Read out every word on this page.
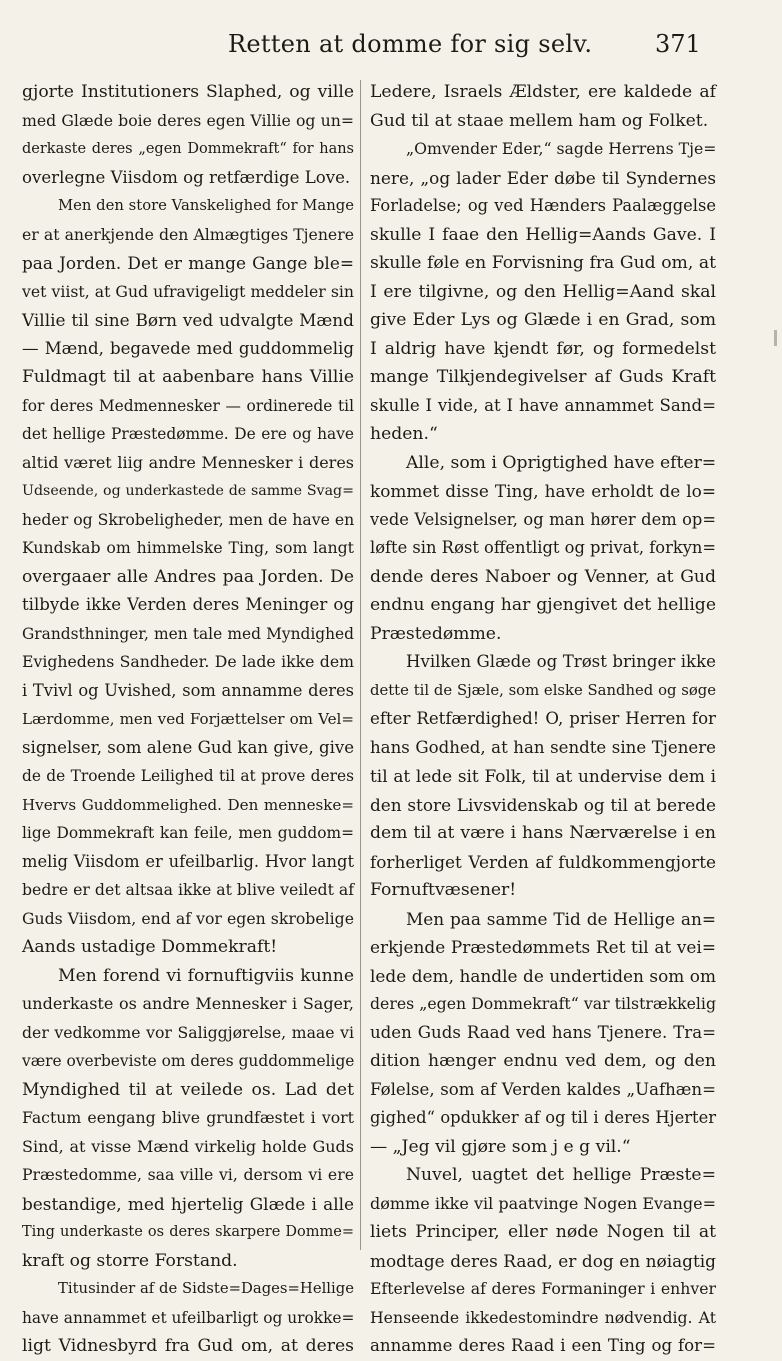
Retten at domme for sig selv.	371
gjorte Institutioners Slaphed, og ville
med Glæde boie deres egen Villie og un=
derkaste deres „egen Dommekraft“ for hans
overlegne Viisdom og retfærdige Love.
Men den store Vanskelighed for Mange
er at anerkjende den Almægtiges Tjenere
paa Jorden. Det er mange Gange ble=
vet viist, at Gud ufravigeligt meddeler sin
Villie til sine Børn ved udvalgte Mænd
— Mænd, begavede med guddommelig
Fuldmagt til at aabenbare hans Villie
for deres Medmennesker — ordinerede til
det hellige Præstedømme. De ere og have
altid været liig andre Mennesker i deres
Udseende, og underkastede de samme Svag=
heder og Skrobeligheder, men de have en
Kundskab om himmelske Ting, som langt
overgaaer alle Andres paa Jorden. De
tilbyde ikke Verden deres Meninger og
Grandsthninger, men tale med Myndighed
Evighedens Sandheder. De lade ikke dem
i Tvivl og Uvished, som annamme deres
Lærdomme, men ved Forjættelser om Vel=
signelser, som alene Gud kan give, give
de de Troende Leilighed til at prove deres
Hvervs Guddommelighed. Den menneske=
lige Dommekraft kan feile, men guddom=
melig Viisdom er ufeilbarlig. Hvor langt
bedre er det altsaa ikke at blive veiledt af
Guds Viisdom, end af vor egen skrobelige
Aands ustadige Dommekraft!
Men forend vi fornuftigviis kunne
underkaste os andre Mennesker i Sager,
der vedkomme vor Saliggjørelse, maae vi
være overbeviste om deres guddommelige
Myndighed til at veilede os. Lad det
Factum eengang blive grundfæstet i vort
Sind, at visse Mænd virkelig holde Guds
Præstedomme, saa ville vi, dersom vi ere
bestandige, med hjertelig Glæde i alle
Ting underkaste os deres skarpere Domme=
kraft og storre Forstand.
Titusinder af de Sidste=Dages=Hellige
have annammet et ufeilbarligt og urokke=
ligt Vidnesbyrd fra Gud om, at deres
Ledere, Israels Ældster, ere kaldede af
Gud til at staae mellem ham og Folket.
„Omvender Eder,“ sagde Herrens Tje=
nere, „og lader Eder døbe til Syndernes
Forladelse; og ved Hænders Paalæggelse
skulle I faae den Hellig=Aands Gave. I
skulle føle en Forvisning fra Gud om, at
I ere tilgivne, og den Hellig=Aand skal
give Eder Lys og Glæde i en Grad, som
I aldrig have kjendt før, og formedelst
mange Tilkjendegivelser af Guds Kraft
skulle I vide, at I have annammet Sand=
heden.“
Alle, som i Oprigtighed have efter=
kommet disse Ting, have erholdt de lo=
vede Velsignelser, og man hører dem op=
løfte sin Røst offentligt og privat, forkyn=
dende deres Naboer og Venner, at Gud
endnu engang har gjengivet det hellige
Præstedømme.
Hvilken Glæde og Trøst bringer ikke
dette til de Sjæle, som elske Sandhed og søge
efter Retfærdighed! O, priser Herren for
hans Godhed, at han sendte sine Tjenere
til at lede sit Folk, til at undervise dem i
den store Livsvidenskab og til at berede
dem til at være i hans Nærværelse i en
forherliget Verden af fuldkommengjorte
Fornuftvæsener!
Men paa samme Tid de Hellige an=
erkjende Præstedømmets Ret til at vei=
lede dem, handle de undertiden som om
deres „egen Dommekraft“ var tilstrækkelig
uden Guds Raad ved hans Tjenere. Tra=
dition hænger endnu ved dem, og den
Følelse, som af Verden kaldes „Uafhæn=
gighed“ opdukker af og til i deres Hjerter
— „Jeg vil gjøre som j e g vil.“
Nuvel, uagtet det hellige Præste=
dømme ikke vil paatvinge Nogen Evange=
liets Principer, eller nøde Nogen til at
modtage deres Raad, er dog en nøiagtig
Efterlevelse af deres Formaninger i enhver
Henseende ikkedestomindre nødvendig. At
annamme deres Raad i een Ting og for=
